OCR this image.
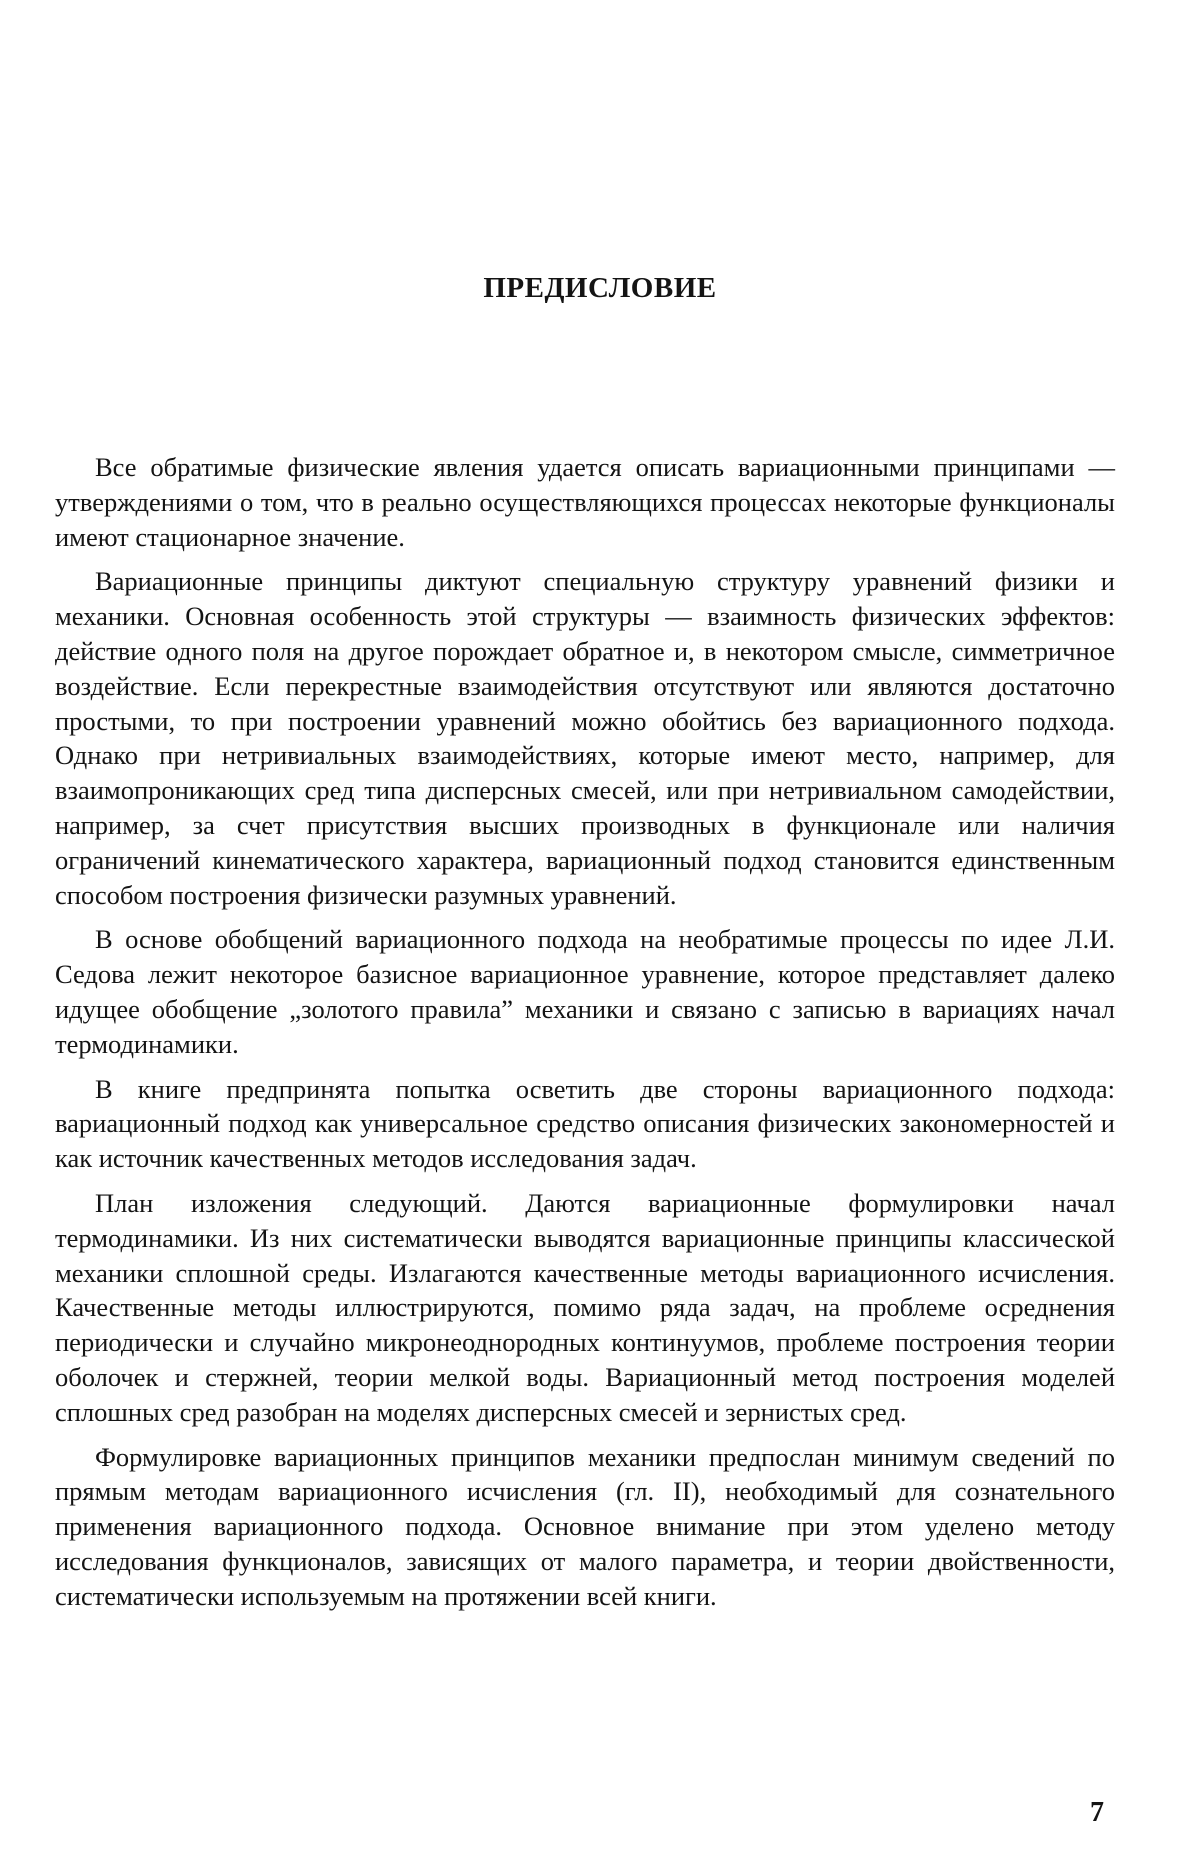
ПРЕДИСЛОВИЕ

Все обратимые физические явления удается описать вариационными принципами — утверждениями о том, что в реально осуществляющихся процессах некоторые функционалы имеют стационарное значение.

Вариационные принципы диктуют специальную структуру уравнений физики и механики. Основная особенность этой структуры — взаимность физических эффектов: действие одного поля на другое порождает обратное и, в некотором смысле, симметричное воздействие. Если перекрестные взаимодействия отсутствуют или являются достаточно простыми, то при построении уравнений можно обойтись без вариационного подхода. Однако при нетривиальных взаимодействиях, которые имеют место, например, для взаимопроникающих сред типа дисперсных смесей, или при нетривиальном самодействии, например, за счет присутствия высших производных в функционале или наличия ограничений кинематического характера, вариационный подход становится единственным способом построения физически разумных уравнений.

В основе обобщений вариационного подхода на необратимые процессы по идее Л.И. Седова лежит некоторое базисное вариационное уравнение, которое представляет далеко идущее обобщение „золотого правила” механики и связано с записью в вариациях начал термодинамики.

В книге предпринята попытка осветить две стороны вариационного подхода: вариационный подход как универсальное средство описания физических закономерностей и как источник качественных методов исследования задач.

План изложения следующий. Даются вариационные формулировки начал термодинамики. Из них систематически выводятся вариационные принципы классической механики сплошной среды. Излагаются качественные методы вариационного исчисления. Качественные методы иллюстрируются, помимо ряда задач, на проблеме осреднения периодически и случайно микронеоднородных континуумов, проблеме построения теории оболочек и стержней, теории мелкой воды. Вариационный метод построения моделей сплошных сред разобран на моделях дисперсных смесей и зернистых сред.

Формулировке вариационных принципов механики предпослан минимум сведений по прямым методам вариационного исчисления (гл. II), необходимый для сознательного применения вариационного подхода. Основное внимание при этом уделено методу исследования функционалов, зависящих от малого параметра, и теории двойственности, систематически используемым на протяжении всей книги.

7
